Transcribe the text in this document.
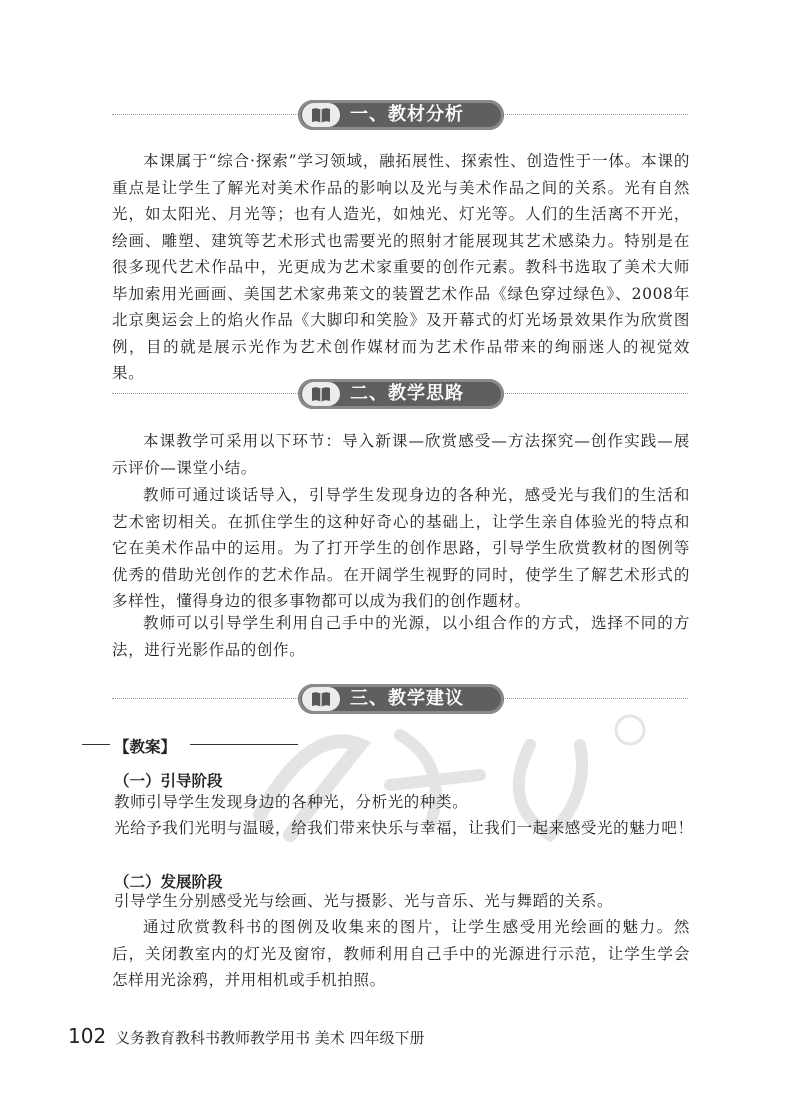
一、教材分析

本课属于“综合·探索”学习领域，融拓展性、探索性、创造性于一体。本课的重点是让学生了解光对美术作品的影响以及光与美术作品之间的关系。光有自然光，如太阳光、月光等；也有人造光，如烛光、灯光等。人们的生活离不开光，绘画、雕塑、建筑等艺术形式也需要光的照射才能展现其艺术感染力。特别是在很多现代艺术作品中，光更成为艺术家重要的创作元素。教科书选取了美术大师毕加索用光画画、美国艺术家弗莱文的装置艺术作品《绿色穿过绿色》、2008年北京奥运会上的焰火作品《大脚印和笑脸》及开幕式的灯光场景效果作为欣赏图例，目的就是展示光作为艺术创作媒材而为艺术作品带来的绚丽迷人的视觉效果。

二、教学思路

本课教学可采用以下环节：导入新课—欣赏感受—方法探究—创作实践—展示评价—课堂小结。

教师可通过谈话导入，引导学生发现身边的各种光，感受光与我们的生活和艺术密切相关。在抓住学生的这种好奇心的基础上，让学生亲自体验光的特点和它在美术作品中的运用。为了打开学生的创作思路，引导学生欣赏教材的图例等优秀的借助光创作的艺术作品。在开阔学生视野的同时，使学生了解艺术形式的多样性，懂得身边的很多事物都可以成为我们的创作题材。

教师可以引导学生利用自己手中的光源，以小组合作的方式，选择不同的方法，进行光影作品的创作。

三、教学建议
【教案】
（一）引导阶段

教师引导学生发现身边的各种光，分析光的种类。

光给予我们光明与温暖，给我们带来快乐与幸福，让我们一起来感受光的魅力吧！

（二）发展阶段

引导学生分别感受光与绘画、光与摄影、光与音乐、光与舞蹈的关系。

通过欣赏教科书的图例及收集来的图片，让学生感受用光绘画的魅力。然后，关闭教室内的灯光及窗帘，教师利用自己手中的光源进行示范，让学生学会怎样用光涂鸦，并用相机或手机拍照。

102 义务教育教科书教师教学用书 美术 四年级下册
